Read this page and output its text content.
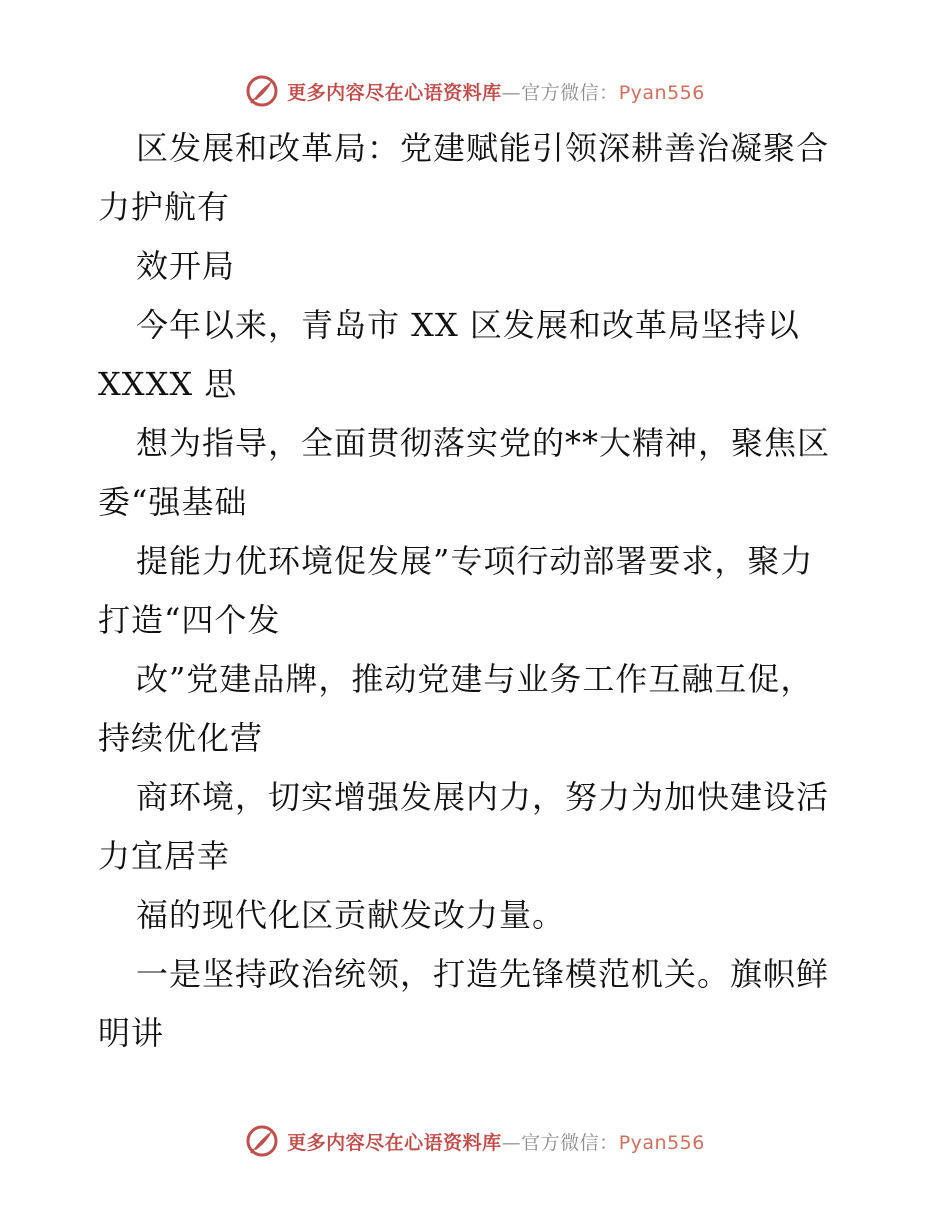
更多内容尽在心语资料库—官方微信：Pyan556
区发展和改革局：党建赋能引领深耕善治凝聚合
力护航有
效开局
今年以来，青岛市 XX 区发展和改革局坚持以
XXXX 思
想为指导，全面贯彻落实党的**大精神，聚焦区
委“强基础
提能力优环境促发展”专项行动部署要求，聚力
打造“四个发
改”党建品牌，推动党建与业务工作互融互促，
持续优化营
商环境，切实增强发展内力，努力为加快建设活
力宜居幸
福的现代化区贡献发改力量。
一是坚持政治统领，打造先锋模范机关。旗帜鲜
明讲
更多内容尽在心语资料库—官方微信：Pyan556
